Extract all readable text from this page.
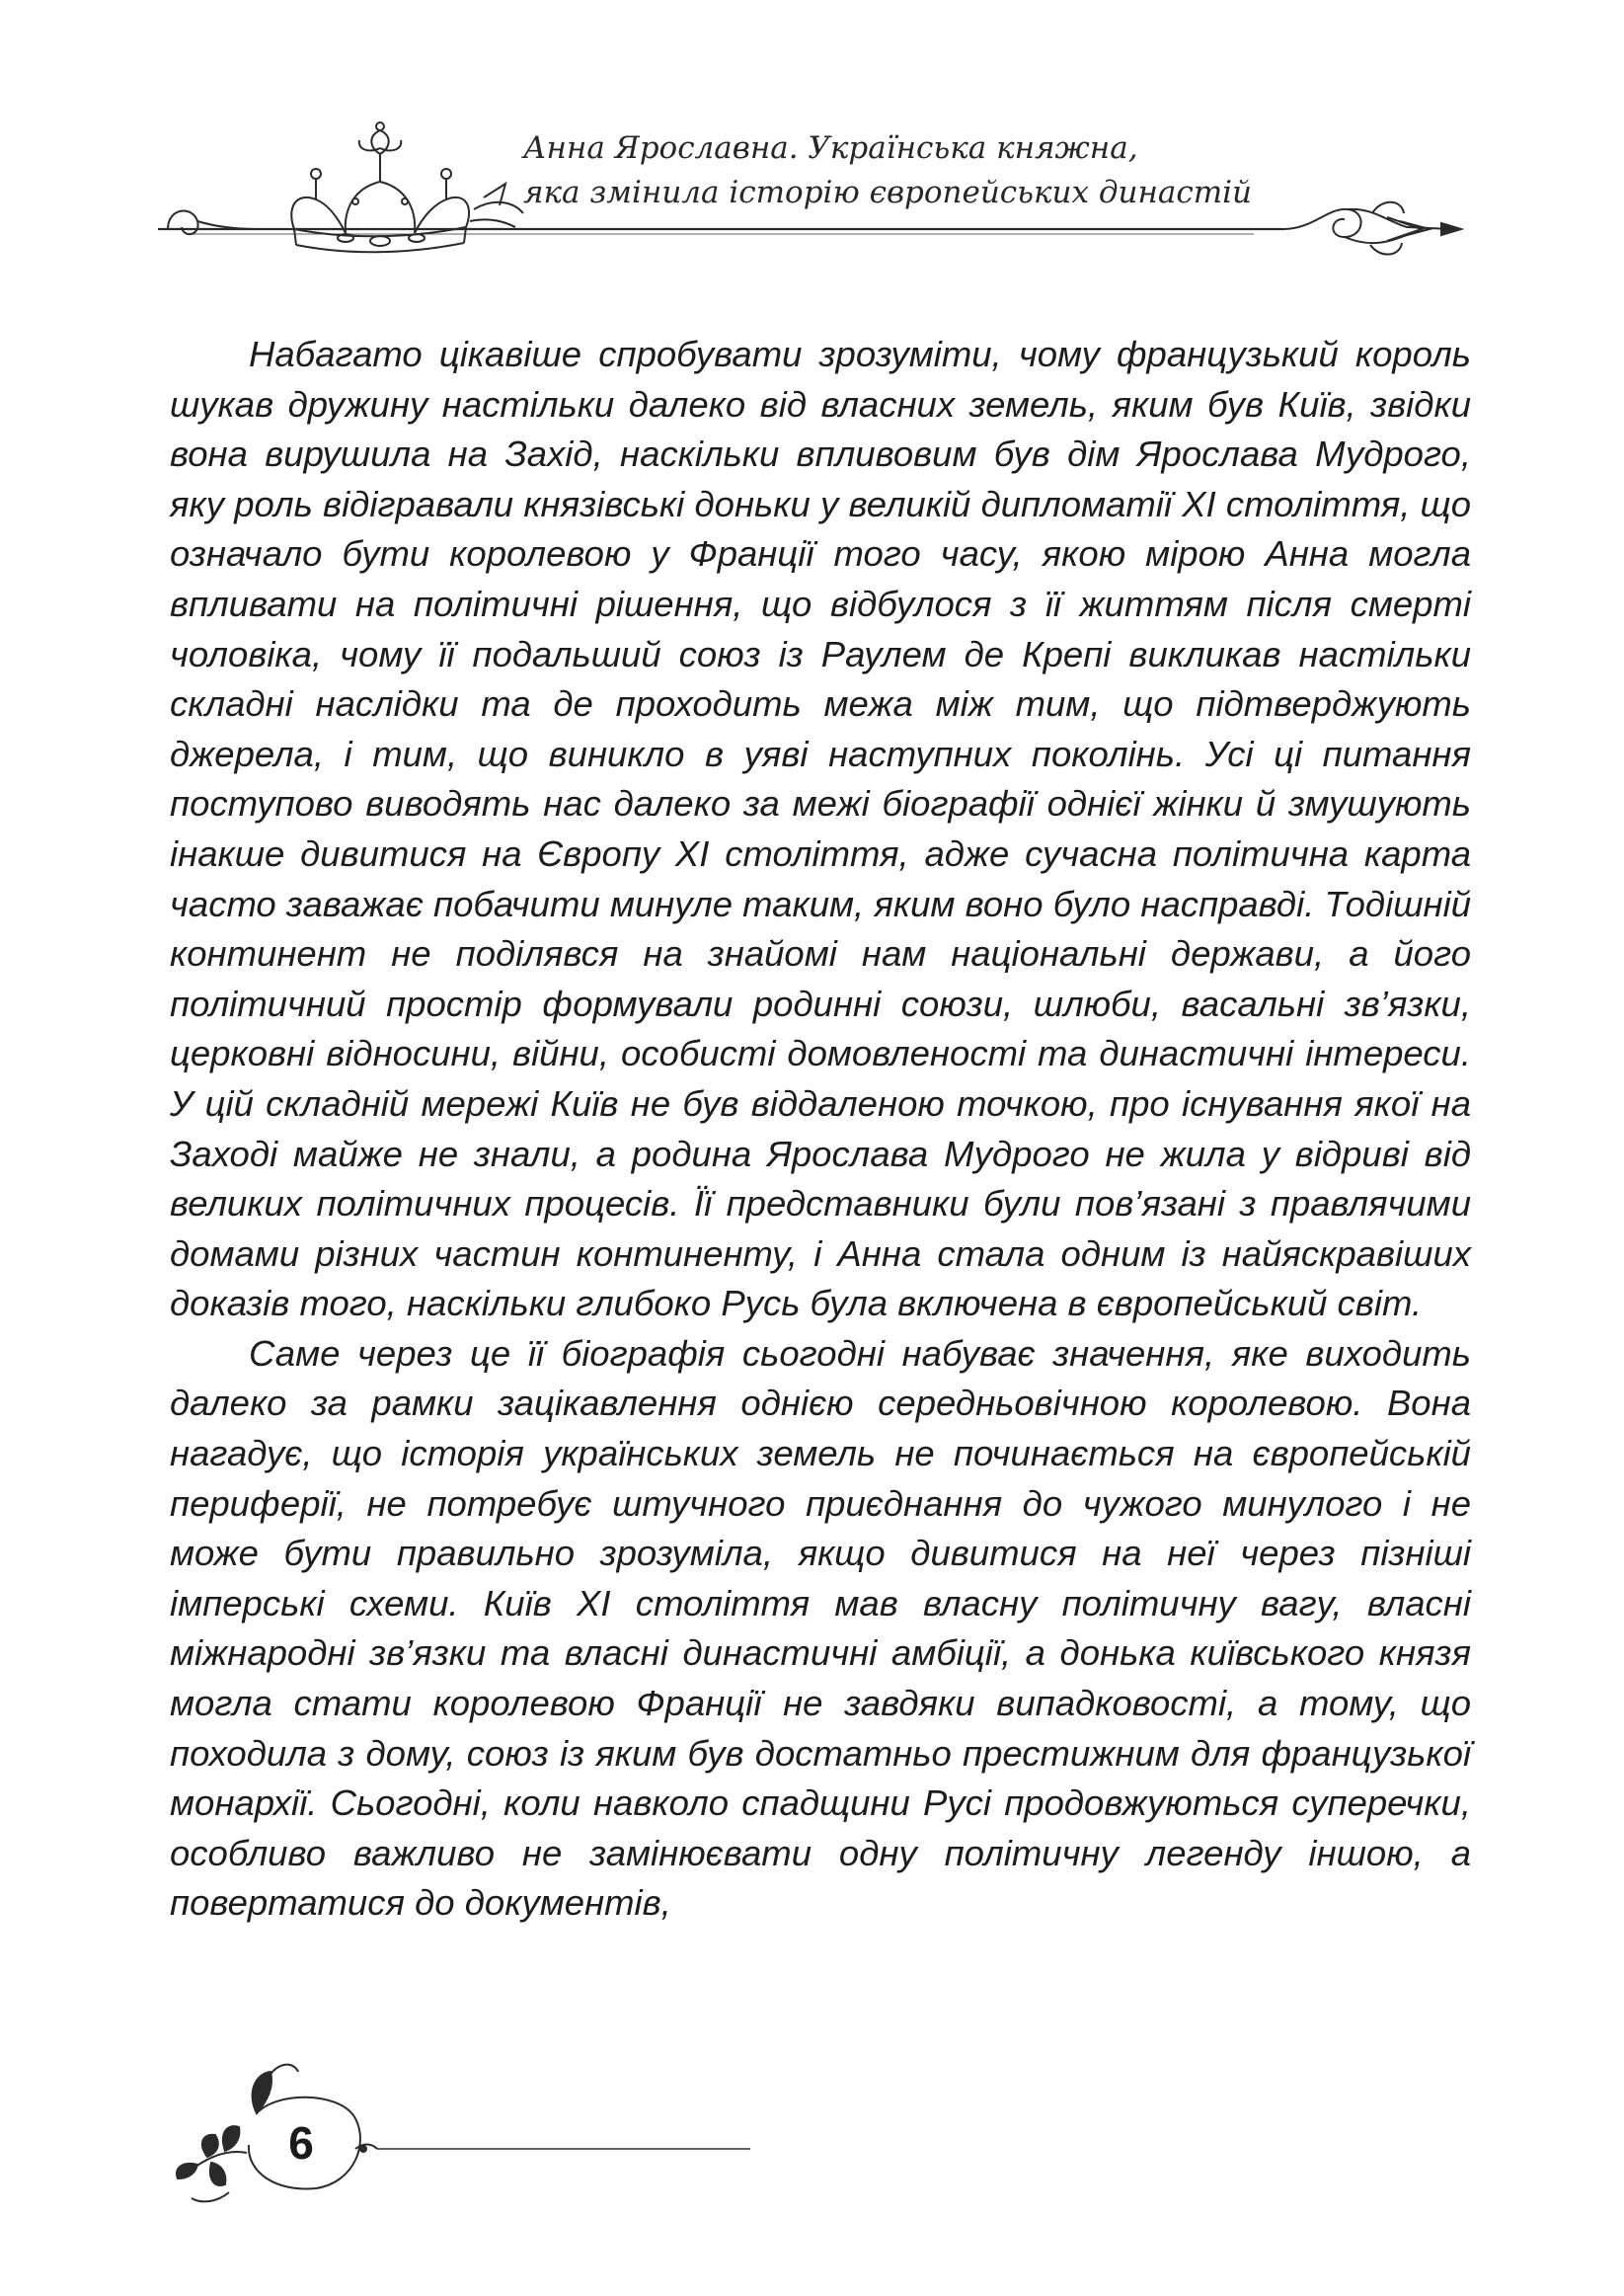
Анна Ярославна. Українська княжна,
яка змінила історію європейських династій

Набагато цікавіше спробувати зрозуміти, чому французький король шукав дружину настільки далеко від власних земель, яким був Київ, звідки вона вирушила на Захід, наскільки впливовим був дім Ярослава Мудрого, яку роль відігравали князівські доньки у великій дипломатії XI століття, що означало бути королевою у Франції того часу, якою мірою Анна могла впливати на політичні рішення, що відбулося з її життям після смерті чоловіка, чому її подальший союз із Раулем де Крепі викликав настільки складні наслідки та де проходить межа між тим, що підтверджують джерела, і тим, що виникло в уяві наступних поколінь. Усі ці питання поступово виводять нас далеко за межі біографії однієї жінки й змушують інакше дивитися на Європу XI століття, адже сучасна політична карта часто заважає побачити минуле таким, яким воно було насправді. Тодішній континент не поділявся на знайомі нам національні держави, а його політичний простір формували родинні союзи, шлюби, васальні зв’язки, церковні відносини, війни, особисті домовленості та династичні інтереси. У цій складній мережі Київ не був віддаленою точкою, про існування якої на Заході майже не знали, а родина Ярослава Мудрого не жила у відриві від великих політичних процесів. Її представники були пов’язані з правлячими домами різних частин континенту, і Анна стала одним із найяскравіших доказів того, наскільки глибоко Русь була включена в європейський світ.

Саме через це її біографія сьогодні набуває значення, яке виходить далеко за рамки зацікавлення однією середньовічною королевою. Вона нагадує, що історія українських земель не починається на європейській периферії, не потребує штучного приєднання до чужого минулого і не може бути правильно зрозуміла, якщо дивитися на неї через пізніші імперські схеми. Київ XI століття мав власну політичну вагу, власні міжнародні зв’язки та власні династичні амбіції, а донька київського князя могла стати королевою Франції не завдяки випадковості, а тому, що походила з дому, союз із яким був достатньо престижним для французької монархії. Сьогодні, коли навколо спадщини Русі продовжуються суперечки, особливо важливо не замінюєвати одну політичну легенду іншою, а повертатися до документів,

6
